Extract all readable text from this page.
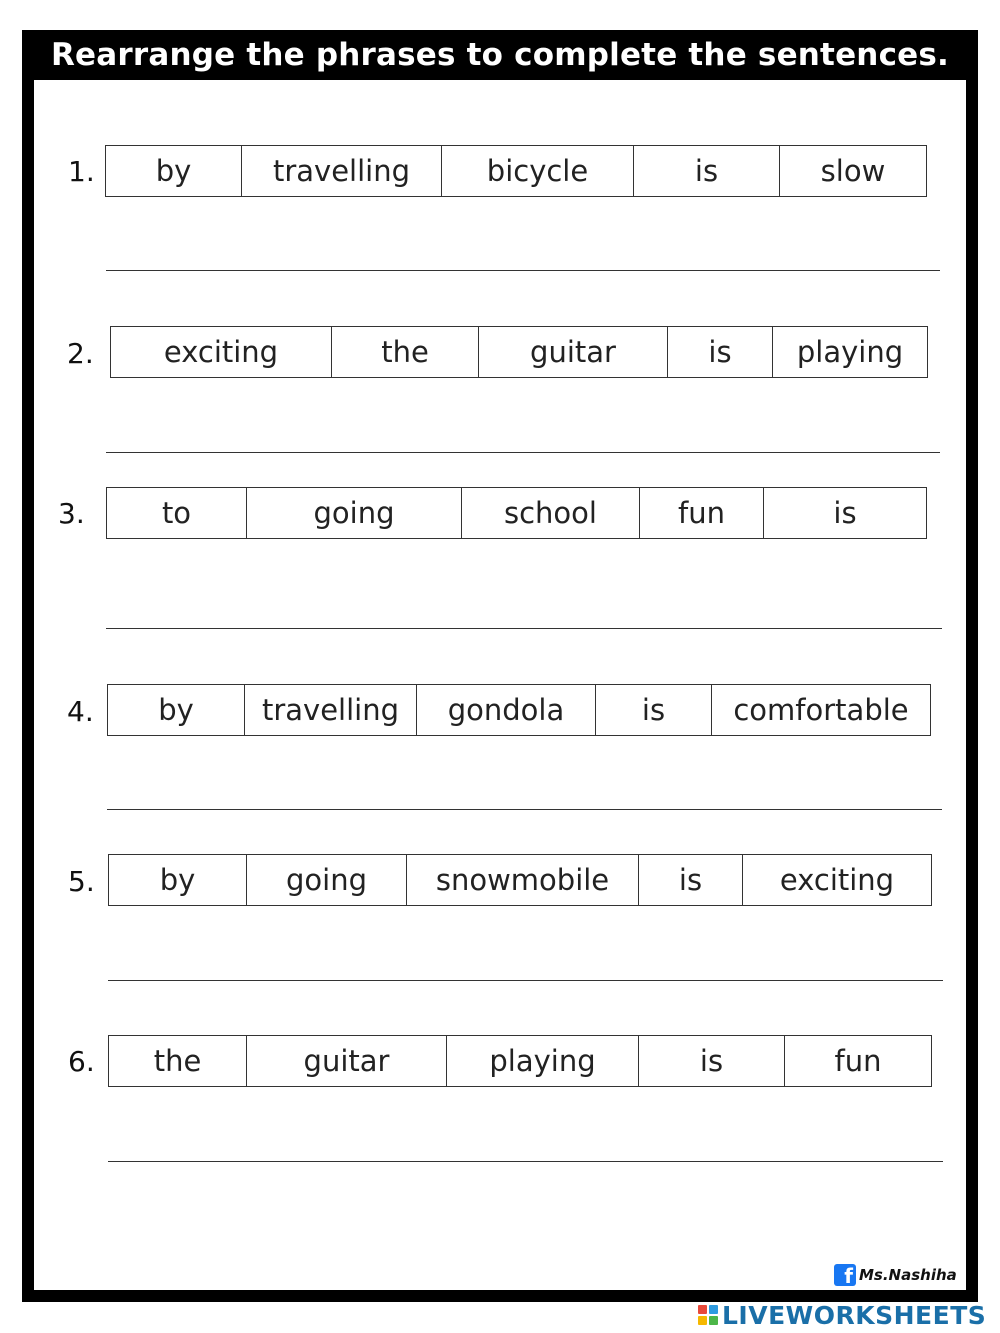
Rearrange the phrases to complete the sentences.
1.	by	travelling	bicycle	is	slow
2.	exciting	the	guitar	is	playing
3.	to	going	school	fun	is
4.	by	travelling	gondola	is	comfortable
5.	by	going	snowmobile	is	exciting
6.	the	guitar	playing	is	fun
f Ms.Nashiha
LIVEWORKSHEETS
